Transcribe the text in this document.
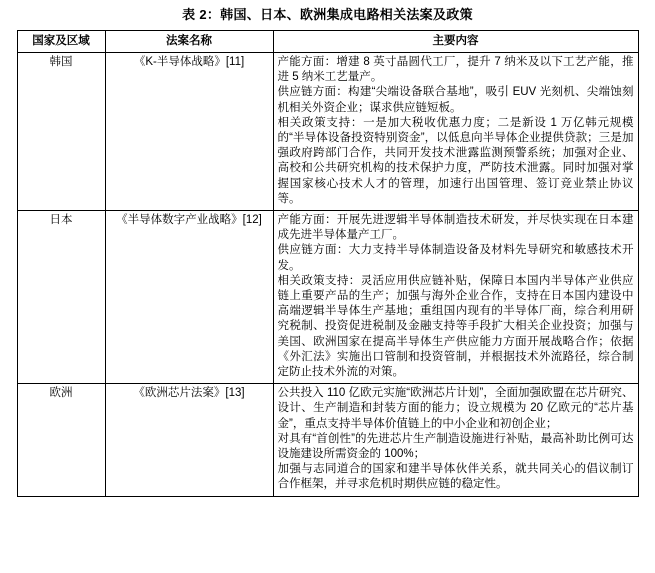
表 2：韩国、日本、欧洲集成电路相关法案及政策
国家及区域	法案名称	主要内容
韩国	《K-半导体战略》[11]	产能方面：增建 8 英寸晶圆代工厂，提升 7 纳米及以下工艺产能，推进 5 纳米工艺量产。

供应链方面：构建“尖端设备联合基地”，吸引 EUV 光刻机、尖端蚀刻机相关外资企业；谋求供应链短板。

相关政策支持：一是加大税收优惠力度；二是新设 1 万亿韩元规模的“半导体设备投资特别资金”，以低息向半导体企业提供贷款；三是加强政府跨部门合作，共同开发技术泄露监测预警系统；加强对企业、高校和公共研究机构的技术保护力度，严防技术泄露。同时加强对掌握国家核心技术人才的管理，加速行出国管理、签订竞业禁止协议等。

日本	《半导体数字产业战略》[12]	产能方面：开展先进逻辑半导体制造技术研发，并尽快实现在日本建成先进半导体量产工厂。

供应链方面：大力支持半导体制造设备及材料先导研究和敏感技术开发。

相关政策支持：灵活应用供应链补贴，保障日本国内半导体产业供应链上重要产品的生产；加强与海外企业合作，支持在日本国内建设中高端逻辑半导体生产基地；重组国内现有的半导体厂商，综合利用研究税制、投资促进税制及金融支持等手段扩大相关企业投资；加强与美国、欧洲国家在提高半导体生产供应能力方面开展战略合作；依据《外汇法》实施出口管制和投资管制，并根据技术外流路径，综合制定防止技术外流的对策。

欧洲	《欧洲芯片法案》[13]	公共投入 110 亿欧元实施“欧洲芯片计划”，全面加强欧盟在芯片研究、设计、生产制造和封装方面的能力；设立规模为 20 亿欧元的“芯片基金”，重点支持半导体价值链上的中小企业和初创企业；

对具有“首创性”的先进芯片生产制造设施进行补贴，最高补助比例可达设施建设所需资金的 100%；

加强与志同道合的国家和建半导体伙伴关系，就共同关心的倡议制订合作框架，并寻求危机时期供应链的稳定性。
